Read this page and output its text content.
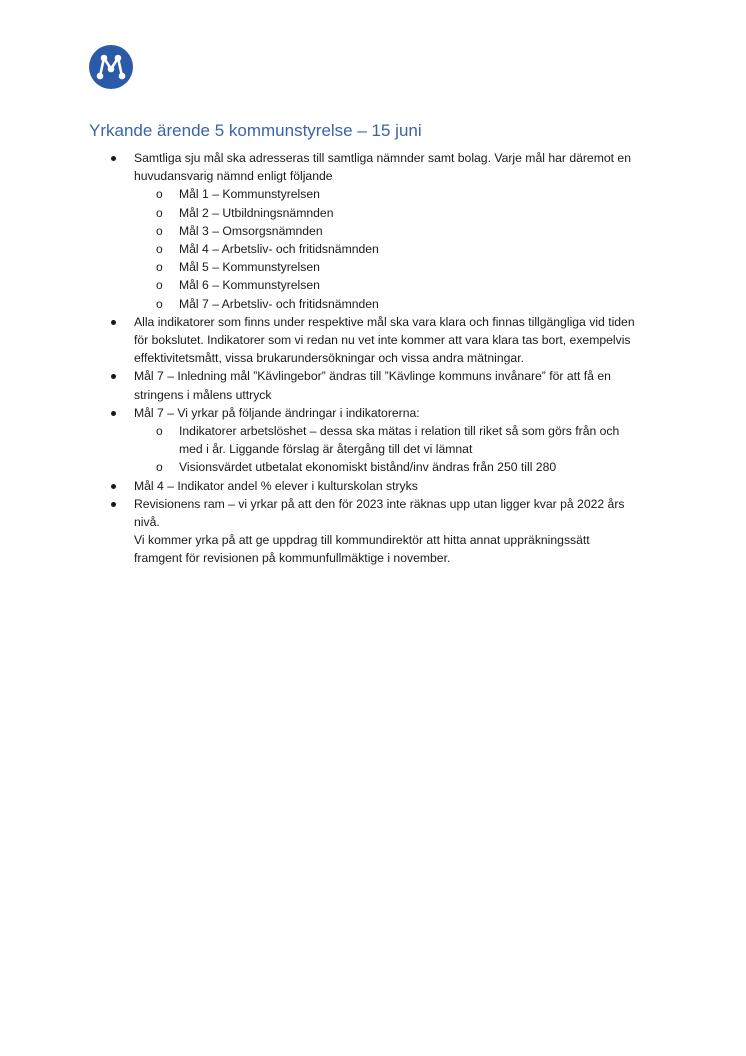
Yrkande ärende 5 kommunstyrelse – 15 juni
Samtliga sju mål ska adresseras till samtliga nämnder samt bolag. Varje mål har däremot en
huvudansvarig nämnd enligt följande
o Mål 1 – Kommunstyrelsen
o Mål 2 – Utbildningsnämnden
o Mål 3 – Omsorgsnämnden
o Mål 4 – Arbetsliv- och fritidsnämnden
o Mål 5 – Kommunstyrelsen
o Mål 6 – Kommunstyrelsen
o Mål 7 – Arbetsliv- och fritidsnämnden
Alla indikatorer som finns under respektive mål ska vara klara och finnas tillgängliga vid tiden
för bokslutet. Indikatorer som vi redan nu vet inte kommer att vara klara tas bort, exempelvis
effektivitetsmått, vissa brukarundersökningar och vissa andra mätningar.
Mål 7 – Inledning mål ”Kävlingebor” ändras till ”Kävlinge kommuns invånare” för att få en
stringens i målens uttryck
Mål 7 – Vi yrkar på följande ändringar i indikatorerna:
o Indikatorer arbetslöshet – dessa ska mätas i relation till riket så som görs från och
med i år. Liggande förslag är återgång till det vi lämnat
o Visionsvärdet utbetalat ekonomiskt bistånd/inv ändras från 250 till 280
Mål 4 – Indikator andel % elever i kulturskolan stryks
Revisionens ram – vi yrkar på att den för 2023 inte räknas upp utan ligger kvar på 2022 års
nivå.
Vi kommer yrka på att ge uppdrag till kommundirektör att hitta annat uppräkningssätt
framgent för revisionen på kommunfullmäktige i november.
